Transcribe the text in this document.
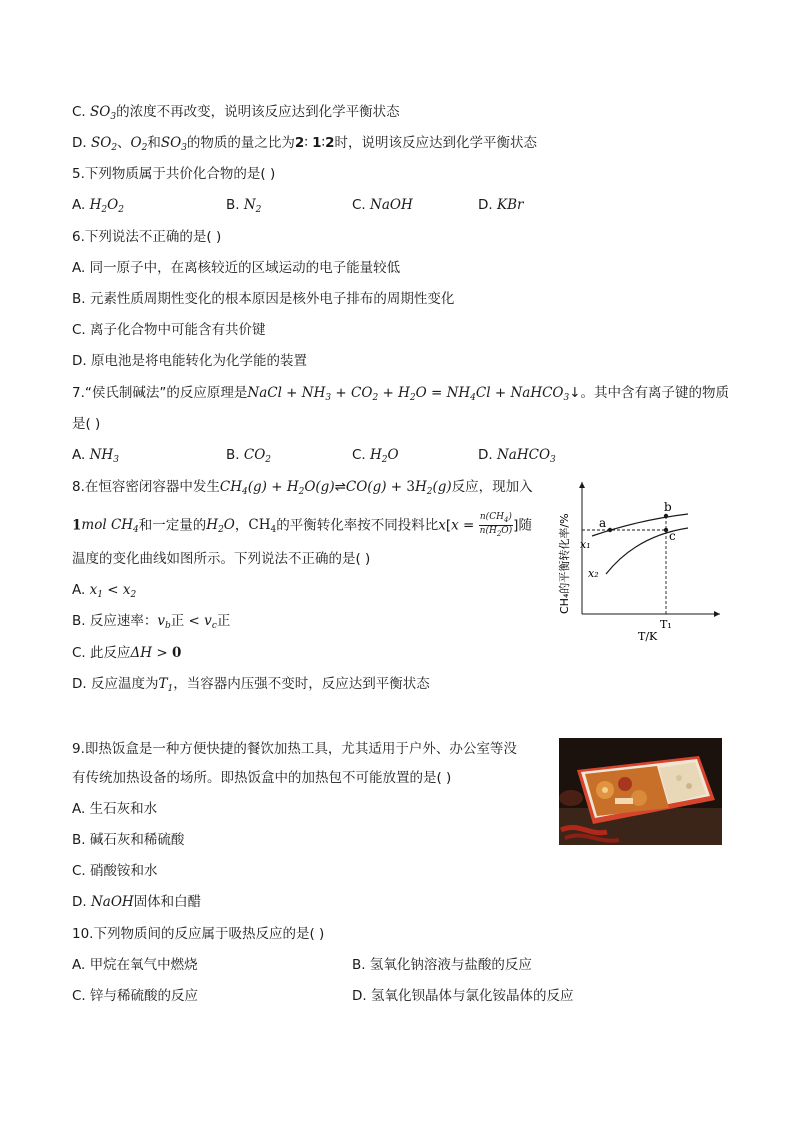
C. $SO_3$的浓度不再改变，说明该反应达到化学平衡状态
D. $SO_2$、$O_2$和$SO_3$的物质的量之比为2∶ 1∶2时，说明该反应达到化学平衡状态
5.下列物质属于共价化合物的是( )
A. $H_2O_2$	B. $N_2$	C. NaOH	D. KBr
6.下列说法不正确的是( )
A. 同一原子中，在离核较近的区域运动的电子能量较低
B. 元素性质周期性变化的根本原因是核外电子排布的周期性变化
C. 离子化合物中可能含有共价键
D. 原电池是将电能转化为化学能的装置
7.“侯氏制碱法”的反应原理是NaCl + $NH_3 + CO_2 + H_2O = NH_4Cl$ + NaHCO$_3$↓。其中含有离子键的物质
是( )
A. $NH_3$	B. $CO_2$	C. $H_2O$	D. NaHCO$_3$
8.在恒容密闭容器中发生$CH_4(g)$ + $H_2O(g)\rightleftharpoons CO(g) + 3H_2(g)$反应，现加入
1mol $CH_4$和一定量的$H_2O$，$CH_4$的平衡转化率按不同投料比$x[x = \frac{n(CH_4)}{n(H_2O)}$ ]随
温度的变化曲线如图所示。下列说法不正确的是( )
A. $x_1 < x_2$
B. 反应速率：$v_b$正 < $v_c$正
C. 此反应ΔH > 0
D. 反应温度为$T_1$，当容器内压强不变时，反应达到平衡状态
a
b
c
x₁
x₂
T₁
T/K
CH₄的平衡转化率/%
9.即热饭盒是一种方便快捷的餐饮加热工具，尤其适用于户外、办公室等没
有传统加热设备的场所。即热饭盒中的加热包不可能放置的是( )
A. 生石灰和水
B. 碱石灰和稀硫酸
C. 硝酸铵和水
D. NaOH固体和白醋
10.下列物质间的反应属于吸热反应的是( )
A. 甲烷在氧气中燃烧	B. 氢氧化钠溶液与盐酸的反应
C. 锌与稀硫酸的反应	D. 氢氧化钡晶体与氯化铵晶体的反应
